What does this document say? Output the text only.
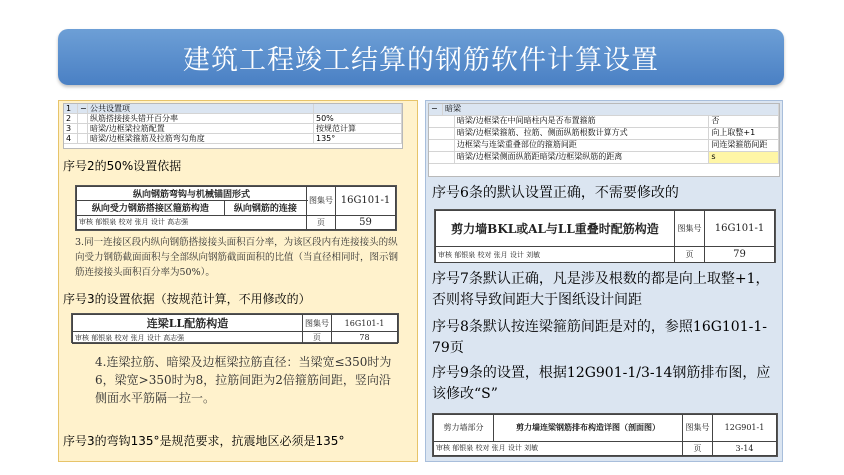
建筑工程竣工结算的钢筋软件计算设置
1	− 公共设置项
2	纵筋搭接接头错开百分率	50%
3	暗梁/边框梁拉筋配置	按规范计算
4	暗梁/边框梁箍筋及拉筋弯勾角度	135°
序号2的50%设置依据
纵向钢筋弯钩与机械锚固形式		图集号	16G101-1
纵向受力钢筋搭接区箍筋构造	纵向钢筋的连接		
审核 郁银泉 校对 张月 设计 高志强		页	59
3.同一连接区段内纵向钢筋搭接接头面积百分率，为该区段内有连接接头的纵向受力钢筋截面面积与全部纵向钢筋截面面积的比值（当直径相同时，图示钢筋连接接头面积百分率为50%）。
序号3的设置依据（按规范计算，不用修改的）
连梁LL配筋构造	图集号	16G101-1
审核 郁银泉 校对 张月 设计 高志强	页	78
4.连梁拉筋、暗梁及边框梁拉筋直径：当梁宽≤350时为6，梁宽>350时为8，拉筋间距为2倍箍筋间距，竖向沿侧面水平筋隔一拉一。
序号3的弯钩135°是规范要求，抗震地区必须是135°
− 暗梁
暗梁/边框梁在中间暗柱内是否布置箍筋	否
暗梁/边框梁箍筋、拉筋、侧面纵筋根数计算方式	向上取整+1
边框梁与连梁重叠部位的箍筋间距	同连梁箍筋间距
暗梁/边框梁侧面纵筋距暗梁/边框梁纵筋的距离	s
序号6条的默认设置正确，不需要修改的
剪力墙BKL或AL与LL重叠时配筋构造	图集号	16G101-1
审核 郁银泉 校对 张月 设计 刘敏	页	79
序号7条默认正确，凡是涉及根数的都是向上取整+1，否则将导致间距大于图纸设计间距
序号8条默认按连梁箍筋间距是对的，参照16G101-1-79页
序号9条的设置，根据12G901-1/3-14钢筋排布图，应该修改“S”
剪力墙部分	剪力墙连梁钢筋排布构造详图（剖面图）	图集号	12G901-1
审核 郁银泉 校对 张月 设计 刘敏		页	3-14
